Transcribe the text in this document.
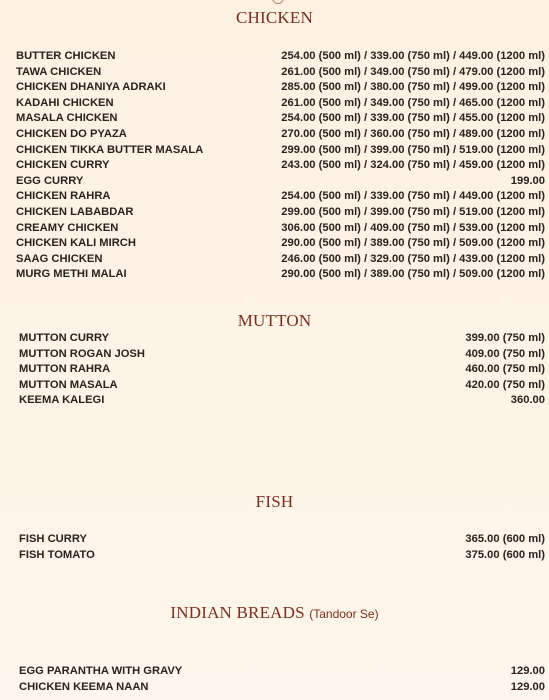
CHICKEN
BUTTER CHICKEN	254.00 (500 ml) / 339.00 (750 ml) / 449.00 (1200 ml)
TAWA CHICKEN	261.00 (500 ml) / 349.00 (750 ml) / 479.00 (1200 ml)
CHICKEN DHANIYA ADRAKI	285.00 (500 ml) / 380.00 (750 ml) / 499.00 (1200 ml)
KADAHI CHICKEN	261.00 (500 ml) / 349.00 (750 ml) / 465.00 (1200 ml)
MASALA CHICKEN	254.00 (500 ml) / 339.00 (750 ml) / 455.00 (1200 ml)
CHICKEN DO PYAZA	270.00 (500 ml) / 360.00 (750 ml) / 489.00 (1200 ml)
CHICKEN TIKKA BUTTER MASALA	299.00 (500 ml) / 399.00 (750 ml) / 519.00 (1200 ml)
CHICKEN CURRY	243.00 (500 ml) / 324.00 (750 ml) / 459.00 (1200 ml)
EGG CURRY	199.00
CHICKEN RAHRA	254.00 (500 ml) / 339.00 (750 ml) / 449.00 (1200 ml)
CHICKEN LABABDAR	299.00 (500 ml) / 399.00 (750 ml) / 519.00 (1200 ml)
CREAMY CHICKEN	306.00 (500 ml) / 409.00 (750 ml) / 539.00 (1200 ml)
CHICKEN KALI MIRCH	290.00 (500 ml) / 389.00 (750 ml) / 509.00 (1200 ml)
SAAG CHICKEN	246.00 (500 ml) / 329.00 (750 ml) / 439.00 (1200 ml)
MURG METHI MALAI	290.00 (500 ml) / 389.00 (750 ml) / 509.00 (1200 ml)
MUTTON
MUTTON CURRY	399.00 (750 ml)
MUTTON ROGAN JOSH	409.00 (750 ml)
MUTTON RAHRA	460.00 (750 ml)
MUTTON MASALA	420.00 (750 ml)
KEEMA KALEGI	360.00
FISH
FISH CURRY	365.00 (600 ml)
FISH TOMATO	375.00 (600 ml)
INDIAN BREADS (Tandoor Se)
EGG PARANTHA WITH GRAVY	129.00
CHICKEN KEEMA NAAN	129.00
